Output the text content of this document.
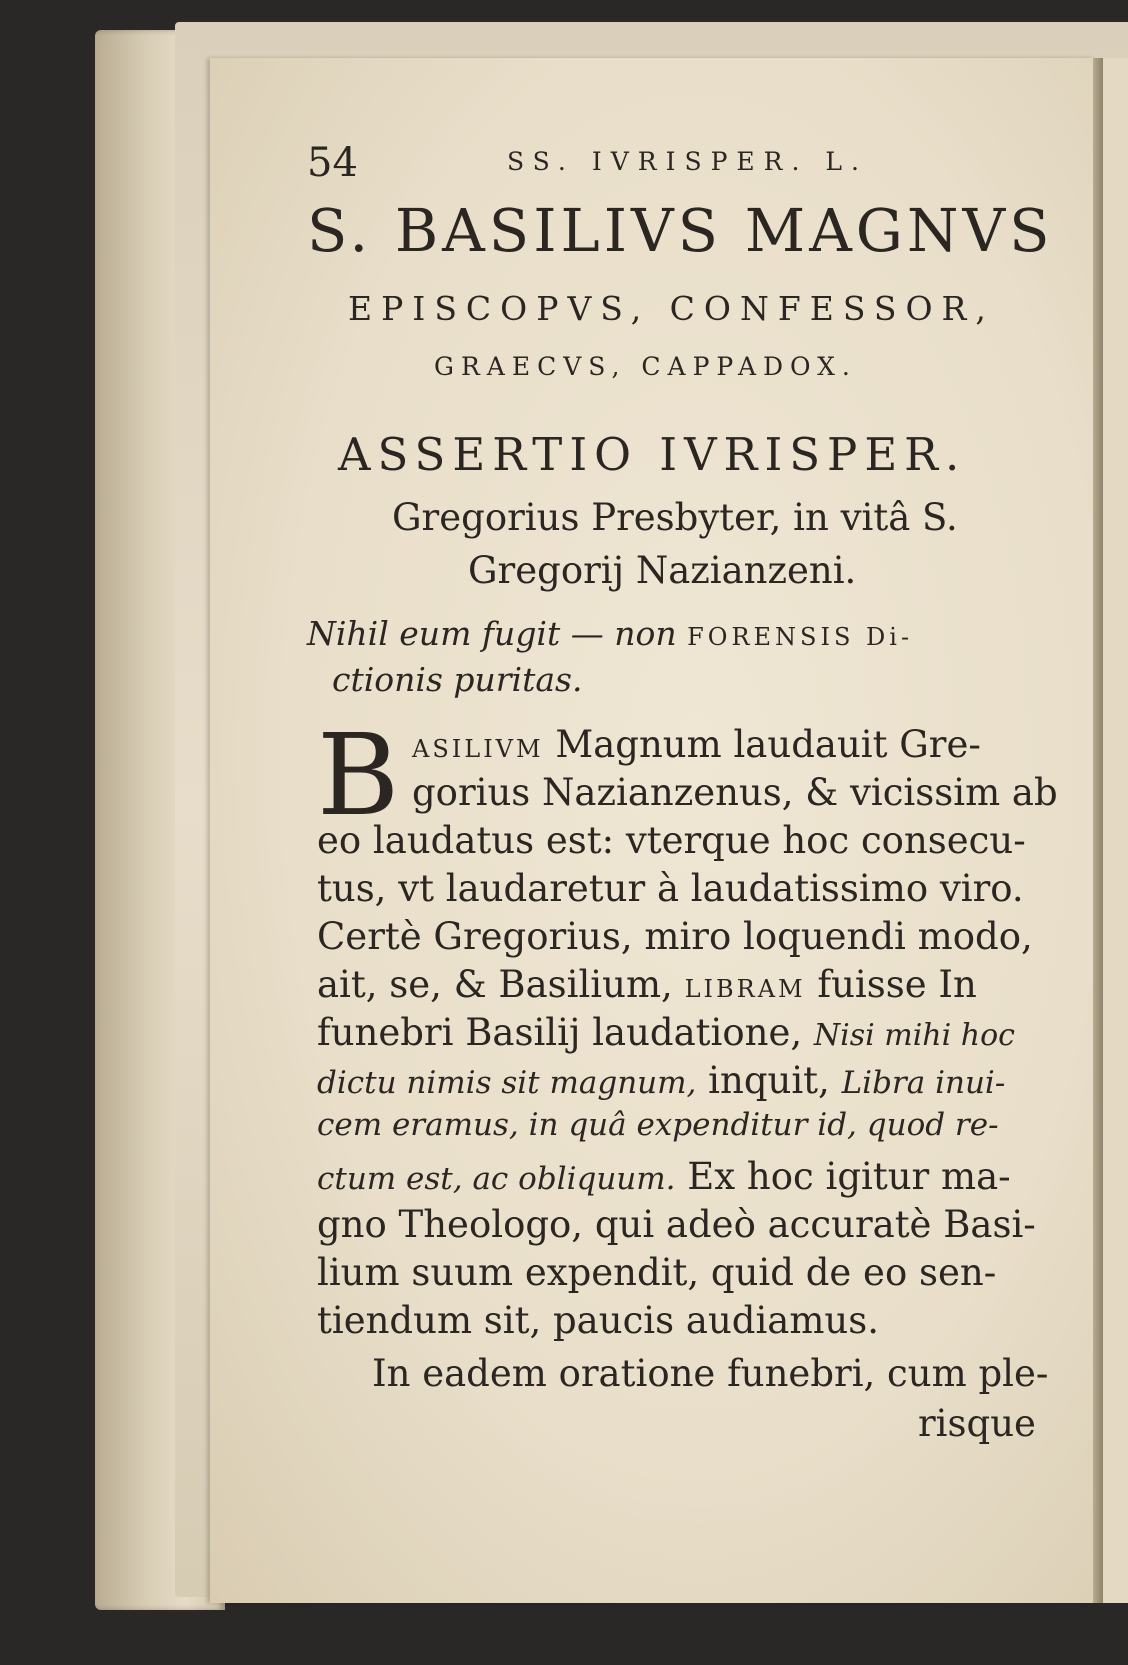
54	SS. IVRISPER. L.
S. BASILIVS MAGNVS
EPISCOPVS, CONFESSOR,
GRAECVS, CAPPADOX.
ASSERTIO IVRISPER.
Gregorius Presbyter, in vitâ S.
Gregorij Nazianzeni.
Nihil eum fugit — non FORENSIS Di-
ctionis puritas.
B ASILIVM Magnum laudauit Gre-
gorius Nazianzenus, & vicissim ab
eo laudatus est: vterque hoc consecu-
tus, vt laudaretur à laudatissimo viro.
Certè Gregorius, miro loquendi modo,
ait, se, & Basilium, LIBRAM fuisse In
funebri Basilij laudatione, Nisi mihi hoc
dictu nimis sit magnum, inquit, Libra inui-
cem eramus, in quâ expenditur id, quod re-
ctum est, ac obliquum. Ex hoc igitur ma-
gno Theologo, qui adeò accuratè Basi-
lium suum expendit, quid de eo sen-
tiendum sit, paucis audiamus.
In eadem oratione funebri, cum ple-
risque
